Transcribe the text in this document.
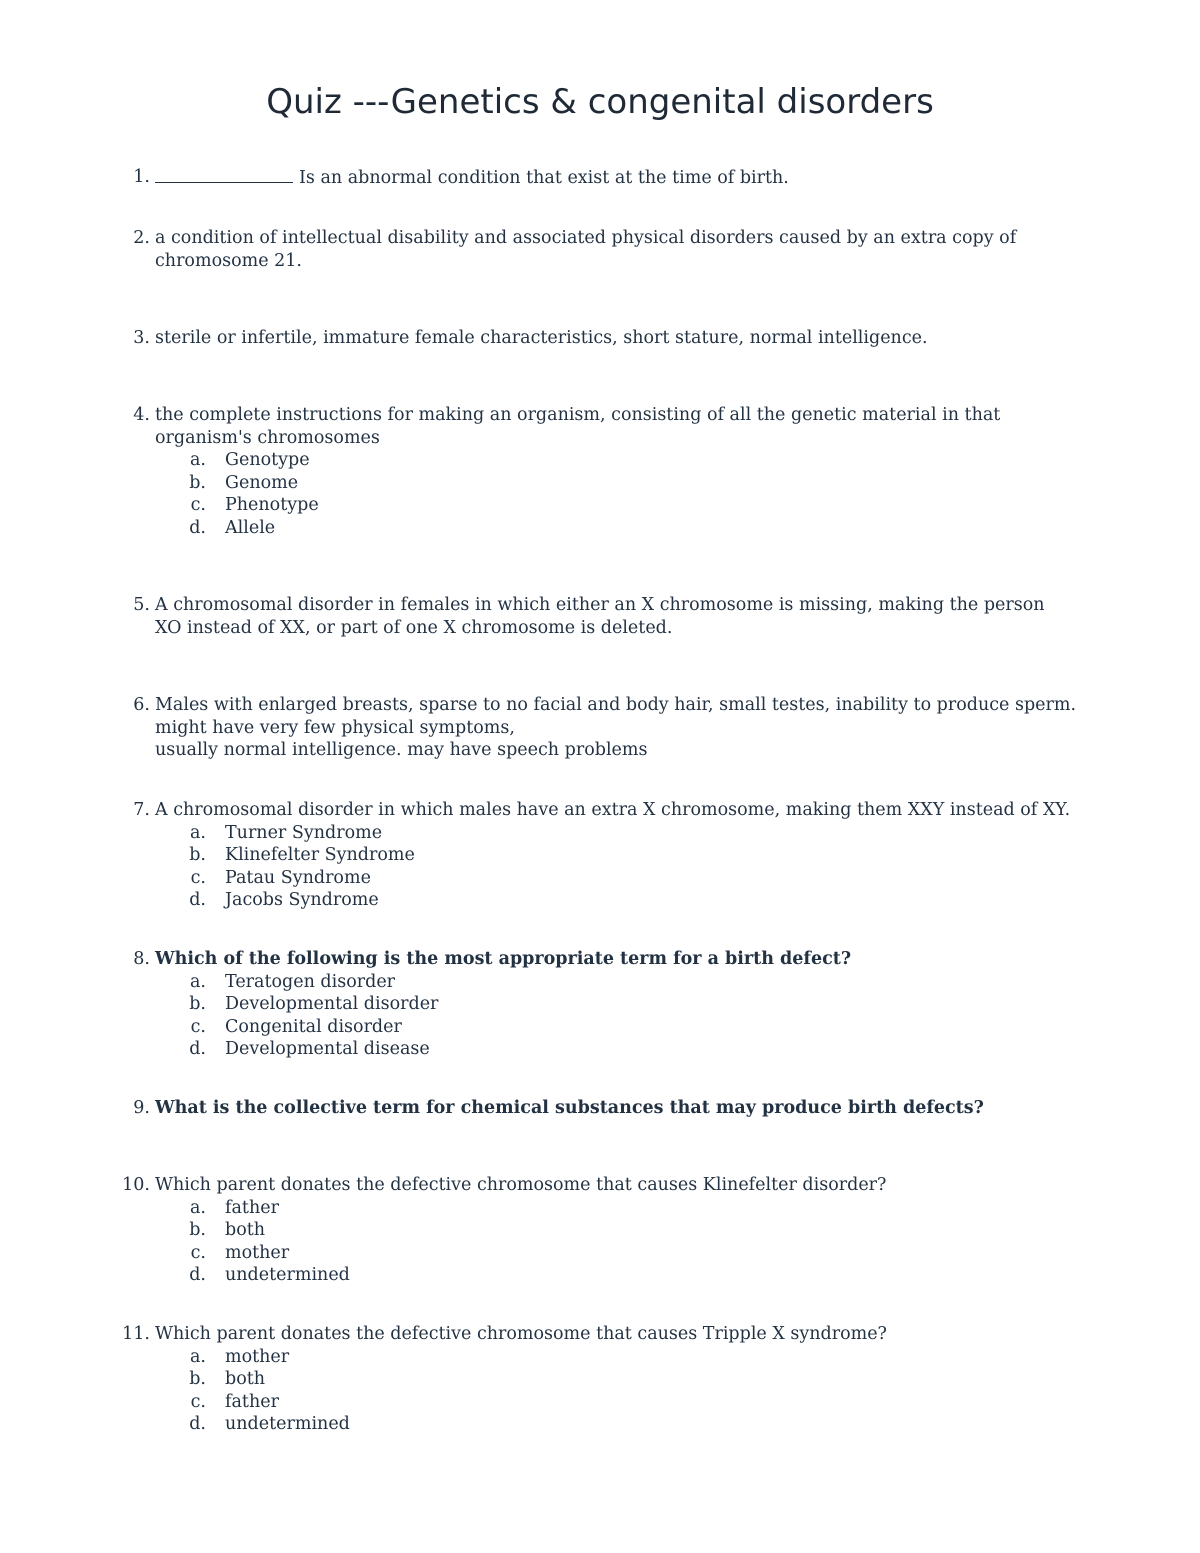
Quiz ---Genetics & congenital disorders
1.	Is an abnormal condition that exist at the time of birth.
2. a condition of intellectual disability and associated physical disorders caused by an extra copy of chromosome 21.
3. sterile or infertile, immature female characteristics, short stature, normal intelligence.
4. the complete instructions for making an organism, consisting of all the genetic material in that organism's chromosomes
a. Genotype
b. Genome
c. Phenotype
d. Allele
5. A chromosomal disorder in females in which either an X chromosome is missing, making the person XO instead of XX, or part of one X chromosome is deleted.
6. Males with enlarged breasts, sparse to no facial and body hair, small testes, inability to produce sperm. might have very few physical symptoms,
usually normal intelligence. may have speech problems
7. A chromosomal disorder in which males have an extra X chromosome, making them XXY instead of XY.
a. Turner Syndrome
b. Klinefelter Syndrome
c. Patau Syndrome
d. Jacobs Syndrome
8. Which of the following is the most appropriate term for a birth defect?
a. Teratogen disorder
b. Developmental disorder
c. Congenital disorder
d. Developmental disease
9. What is the collective term for chemical substances that may produce birth defects?
10. Which parent donates the defective chromosome that causes Klinefelter disorder?
a. father
b. both
c. mother
d. undetermined
11. Which parent donates the defective chromosome that causes Tripple X syndrome?
a. mother
b. both
c. father
d. undetermined
